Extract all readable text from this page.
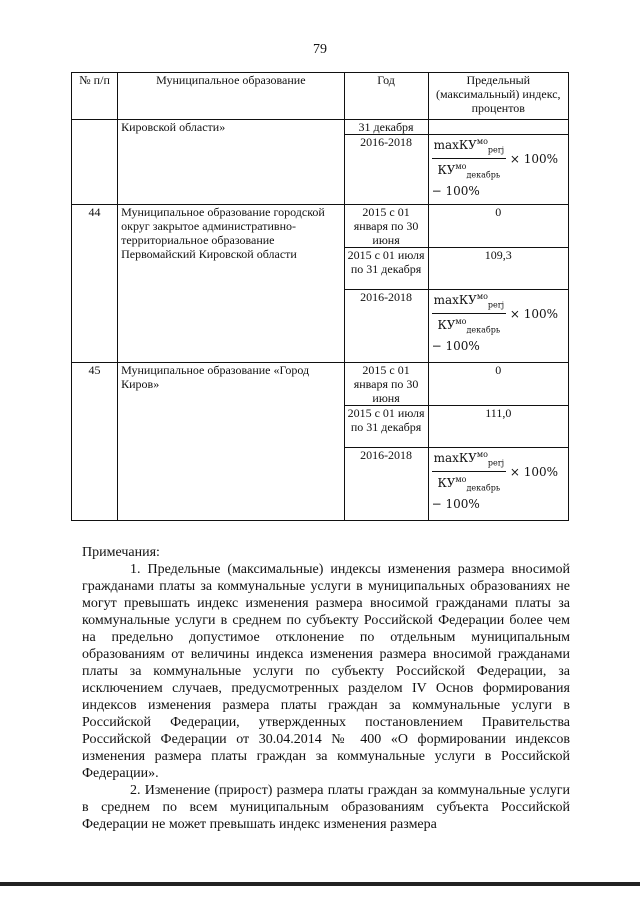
79
№ п/п	Муниципальное образование	Год	Предельный (максимальный) индекс, процентов
	Кировской области»	31 декабря	
		2016-2018	$\frac{\max КУ^{мо}_{perj}}{КУ^{мо}_{декабрь}} \times 100\%$
− 100%

44	Муниципальное образование городской округ закрытое административно-территориальное образование Первомайский Кировской области	2015 с 01 января по 30 июня	0
		2015 с 01 июля по 31 декабря	109,3
		2016-2018	$\frac{\max КУ^{мо}_{perj}}{КУ^{мо}_{декабрь}} \times 100\%$
− 100%

45	Муниципальное образование «Город Киров»	2015 с 01 января по 30 июня	0
		2015 с 01 июля по 31 декабря	111,0
		2016-2018	$\frac{\max КУ^{мо}_{perj}}{КУ^{мо}_{декабрь}} \times 100\%$
− 100%

Примечания:

1. Предельные (максимальные) индексы изменения размера вносимой гражданами платы за коммунальные услуги в муниципальных образованиях не могут превышать индекс изменения размера вносимой гражданами платы за коммунальные услуги в среднем по субъекту Российской Федерации более чем на предельно допустимое отклонение по отдельным муниципальным образованиям от величины индекса изменения размера вносимой гражданами платы за коммунальные услуги по субъекту Российской Федерации, за исключением случаев, предусмотренных разделом IV Основ формирования индексов изменения размера платы граждан за коммунальные услуги в Российской Федерации, утвержденных постановлением Правительства Российской Федерации от 30.04.2014 № 400 «О формировании индексов изменения размера платы граждан за коммунальные услуги в Российской Федерации».

2. Изменение (прирост) размера платы граждан за коммунальные услуги в среднем по всем муниципальным образованиям субъекта Российской Федерации не может превышать индекс изменения размера
